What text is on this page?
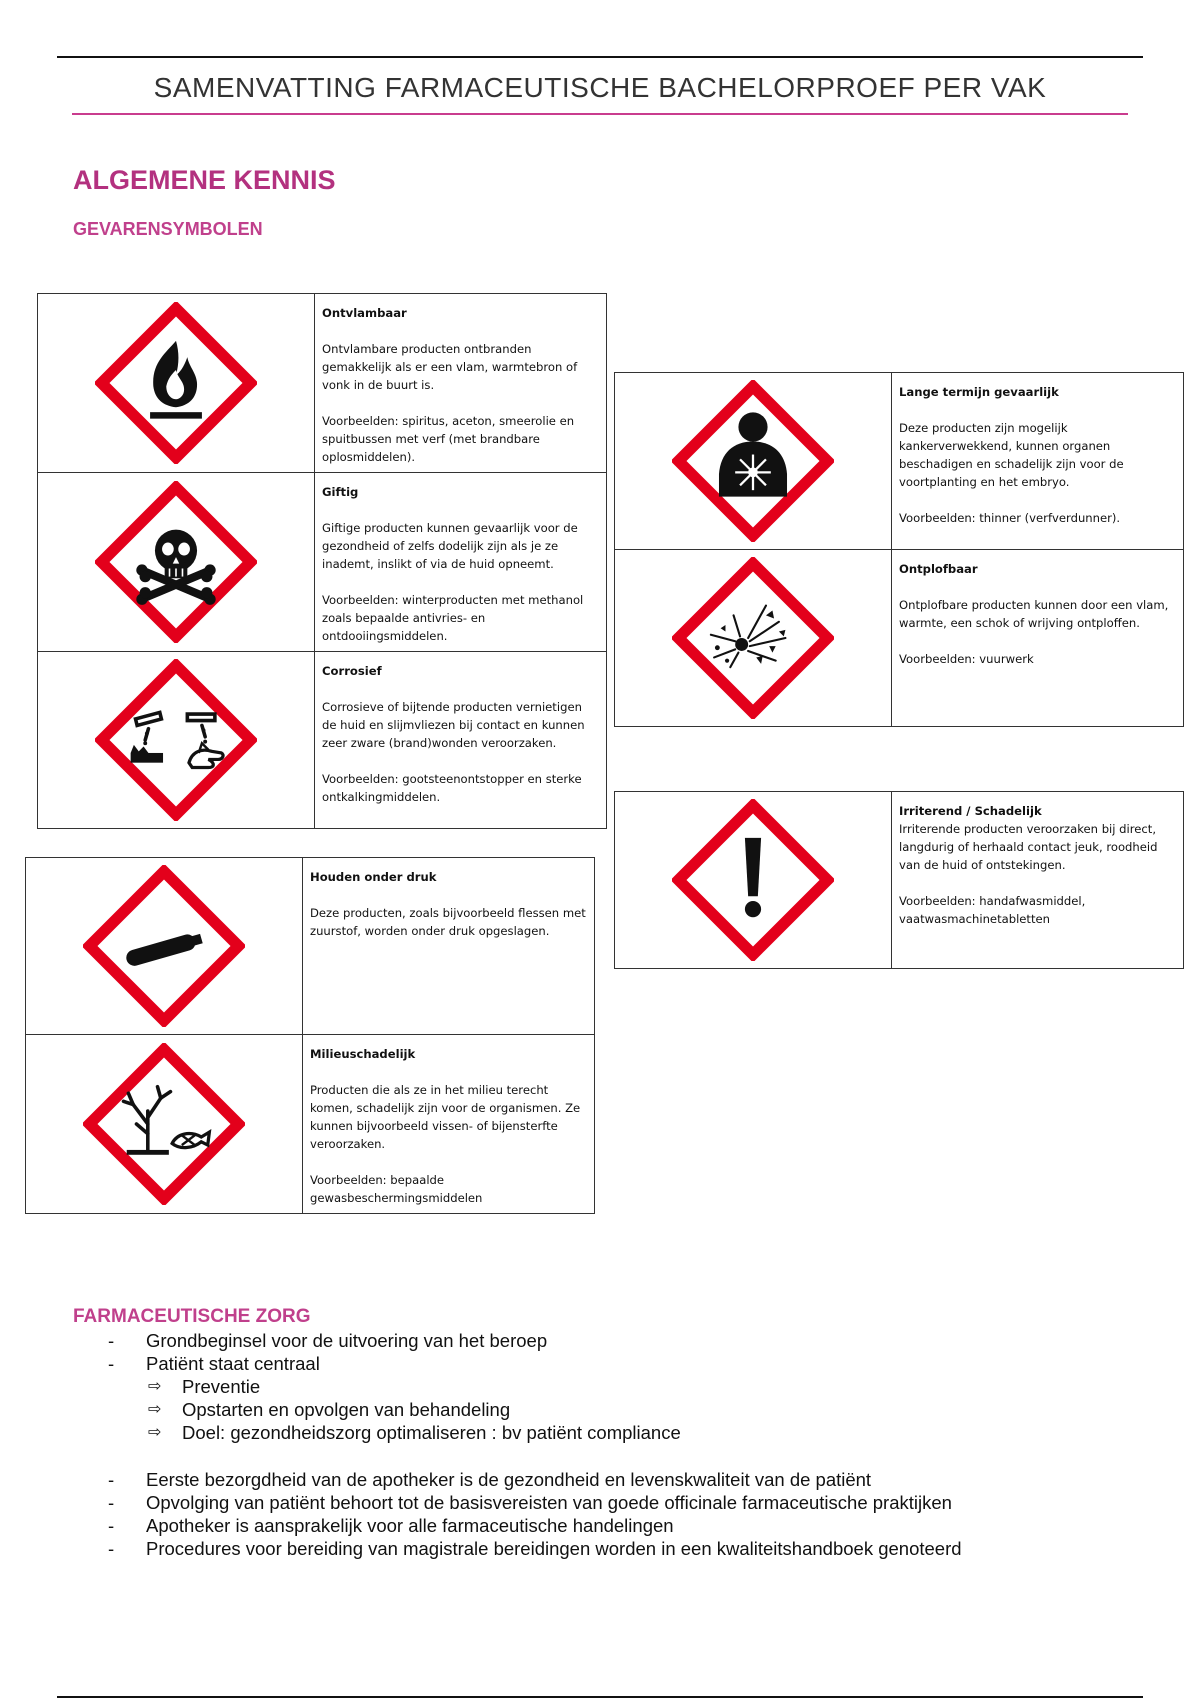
SAMENVATTING FARMACEUTISCHE BACHELORPROEF PER VAK
ALGEMENE KENNIS
GEVARENSYMBOLEN

Ontvlambaar

Ontvlambare producten ontbranden gemakkelijk als er een vlam, warmtebron of vonk in de buurt is.

Voorbeelden: spiritus, aceton, smeerolie en spuitbussen met verf (met brandbare oplosmiddelen).

Giftig

Giftige producten kunnen gevaarlijk voor de gezondheid of zelfs dodelijk zijn als je ze inademt, inslikt of via de huid opneemt.

Voorbeelden: winterproducten met methanol zoals bepaalde antivries- en ontdooiingsmiddelen.

Corrosief

Corrosieve of bijtende producten vernietigen de huid en slijmvliezen bij contact en kunnen zeer zware (brand)wonden veroorzaken.

Voorbeelden: gootsteenontstopper en sterke ontkalkingmiddelen.

Lange termijn gevaarlijk

Deze producten zijn mogelijk kankerverwekkend, kunnen organen beschadigen en schadelijk zijn voor de voortplanting en het embryo.

Voorbeelden: thinner (verfverdunner).

Ontplofbaar

Ontplofbare producten kunnen door een vlam, warmte, een schok of wrijving ontploffen.

Voorbeelden: vuurwerk

Houden onder druk

Deze producten, zoals bijvoorbeeld flessen met zuurstof, worden onder druk opgeslagen.

Milieuschadelijk

Producten die als ze in het milieu terecht komen, schadelijk zijn voor de organismen. Ze kunnen bijvoorbeeld vissen- of bijensterfte veroorzaken.

Voorbeelden: bepaalde gewasbeschermingsmiddelen

Irriterend / Schadelijk

Irriterende producten veroorzaken bij direct, langdurig of herhaald contact jeuk, roodheid van de huid of ontstekingen.

Voorbeelden: handafwasmiddel, vaatwasmachinetabletten

FARMACEUTISCHE ZORG
- Grondbeginsel voor de uitvoering van het beroep
- Patiënt staat centraal
⇨ Preventie
⇨ Opstarten en opvolgen van behandeling
⇨ Doel: gezondheidszorg optimaliseren : bv patiënt compliance
- Eerste bezorgdheid van de apotheker is de gezondheid en levenskwaliteit van de patiënt
- Opvolging van patiënt behoort tot de basisvereisten van goede officinale farmaceutische praktijken
- Apotheker is aansprakelijk voor alle farmaceutische handelingen
- Procedures voor bereiding van magistrale bereidingen worden in een kwaliteitshandboek genoteerd
